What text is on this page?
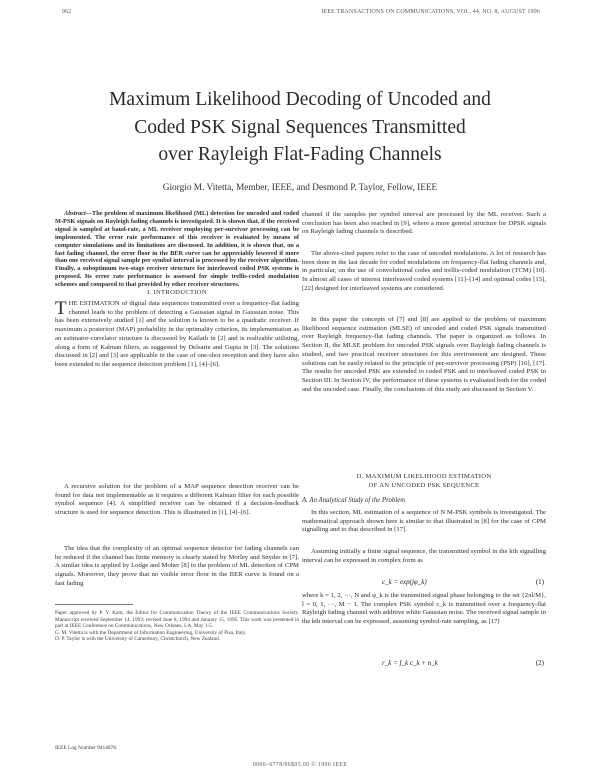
962	IEEE TRANSACTIONS ON COMMUNICATIONS, VOL. 44, NO. 8, AUGUST 1996
Maximum Likelihood Decoding of Uncoded and
Coded PSK Signal Sequences Transmitted
over Rayleigh Flat-Fading Channels
Giorgio M. Vitetta, Member, IEEE, and Desmond P. Taylor, Fellow, IEEE

Abstract—The problem of maximum likelihood (ML) detection for uncoded and coded M-PSK signals on Rayleigh fading channels is investigated. It is shown that, if the received signal is sampled at baud-rate, a ML receiver employing per-survivor processing can be implemented. The error rate performance of this receiver is evaluated by means of computer simulations and its limitations are discussed. In addition, it is shown that, on a fast fading channel, the error floor in the BER curve can be appreciably lowered if more than one received signal sample per symbol interval is processed by the receiver algorithm. Finally, a suboptimum two-stage receiver structure for interleaved coded PSK systems is proposed. Its error rate performance is assessed for simple trellis-coded modulation schemes and compared to that provided by other receiver structures.

I. INTRODUCTION

THE ESTIMATION of digital data sequences transmitted over a frequency-flat fading channel leads to the problem of detecting a Gaussian signal in Gaussian noise. This has been extensively studied [1] and the solution is known to be a quadratic receiver. If maximum a posteriori (MAP) probability in the optimality criterion, its implementation as an estimator-correlator structure is discussed by Kailath in [2] and is realizable utilizing, along a form of Kalman filters, as suggested by Delsarte and Gupta in [3]. The solutions discussed in [2] and [3] are applicable in the case of one-shot reception and they have also been extended to the sequence detection problem [1], [4]–[6].

A recursive solution for the problem of a MAP sequence detection receiver can be found for data not implementable as it requires a different Kalman filter for each possible symbol sequence [4]. A simplified receiver can be obtained if a decision-feedback structure is used for sequence detection. This is illustrated in [1], [4]–[6].

The idea that the complexity of an optimal sequence detector for fading channels can be reduced if the channel has finite memory is clearly stated by Morley and Snyder in [7]. A similar idea is applied by Lodge and Moher [8] to the problem of ML detection of CPM signals. Moreover, they prove that no visible error floor in the BER curve is found on a fast fading

Paper approved by P. Y. Kam, the Editor for Communication Theory of the IEEE Communications Society. Manuscript received September 14, 1993; revised June 8, 1994 and January 15, 1995. This work was presented in part at IEEE Conference on Communications, New Orleans, LA, May 1-5.
G. M. Vitetta is with the Department of Information Engineering, University of Pisa, Italy.
D. P. Taylor is with the University of Canterbury, Christchurch, New Zealand.
IEEE Log Number 9414878.

channel if the samples per symbol interval are processed by the ML receiver. Such a conclusion has been also reached in [9], where a more general structure for DPSK signals on Rayleigh fading channels is described.

The above-cited papers refer to the case of uncoded modulations. A lot of research has been done in the last decade for coded modulations on frequency-flat fading channels and, in particular, on the use of convolutional codes and trellis-coded modulation (TCM) [10]. In almost all cases of interest interleaved coded systems [11]–[14] and optimal codes [15], [22] designed for interleaved systems are considered.

In this paper the concepts of [7] and [8] are applied to the problem of maximum likelihood sequence estimation (MLSE) of uncoded and coded PSK signals transmitted over Rayleigh frequency-flat fading channels. The paper is organized as follows. In Section II, the MLSE problem for uncoded PSK signals over Rayleigh fading channels is studied, and two practical receiver structures for this environment are designed. These solutions can be easily related to the principle of per-survivor processing (PSP) [16], [17]. The results for uncoded PSK are extended to coded PSK and to interleaved coded PSK in Section III. In Section IV, the performance of these systems is evaluated both for the coded and the uncoded case. Finally, the conclusions of this study are discussed in Section V.

II. MAXIMUM LIKELIHOOD ESTIMATION
OF AN UNCODED PSK SEQUENCE
A. An Analytical Study of the Problem

In this section, ML estimation of a sequence of N M-PSK symbols is investigated. The mathematical approach shown here is similar to that illustrated in [8] for the case of CPM signalling and to that described in [17].

Assuming initially a finite signal sequence, the transmitted symbol in the kth signalling interval can be expressed in complex form as

c_k = exp(jφ_k)	(1)

where k = 1, 2, ···, N and φ_k is the transmitted signal phase belonging to the set {2πl/M}, l = 0, 1, ···, M − 1. The complex PSK symbol c_k is transmitted over a frequency-flat Rayleigh fading channel with additive white Gaussian noise. The received signal sample in the kth interval can be expressed, assuming symbol-rate sampling, as [17]

r_k = f_k c_k + n_k	(2)
0090–6778/96$05.00 © 1996 IEEE
